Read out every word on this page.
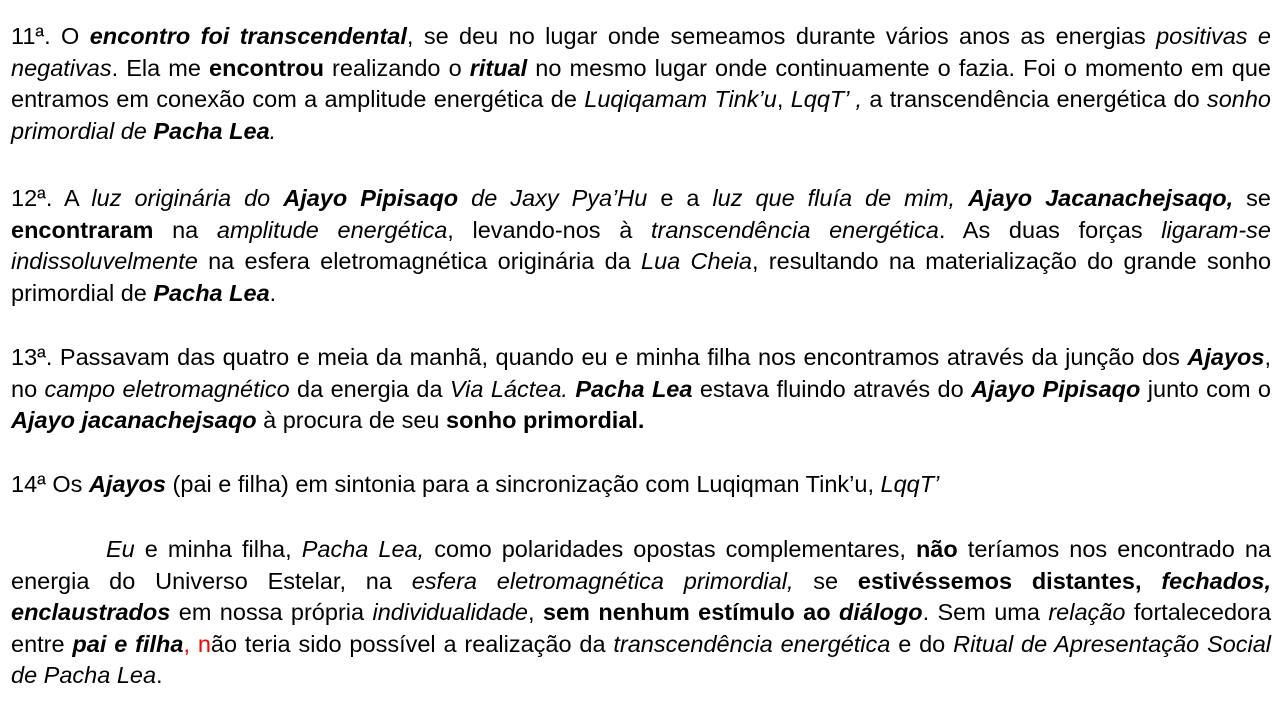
11ª. O encontro foi transcendental, se deu no lugar onde semeamos durante vários anos as energias positivas e negativas. Ela me encontrou realizando o ritual no mesmo lugar onde continuamente o fazia. Foi o momento em que entramos em conexão com a amplitude energética de Luqiqamam Tink’u, LqqT’ , a transcendência energética do sonho primordial de Pacha Lea.

12ª. A luz originária do Ajayo Pipisaqo de Jaxy Pya’Hu e a luz que fluía de mim, Ajayo Jacanachejsaqo, se encontraram na amplitude energética, levando-nos à transcendência energética. As duas forças ligaram-se indissoluvelmente na esfera eletromagnética originária da Lua Cheia, resultando na materialização do grande sonho primordial de Pacha Lea.

13ª. Passavam das quatro e meia da manhã, quando eu e minha filha nos encontramos através da junção dos Ajayos, no campo eletromagnético da energia da Via Láctea. Pacha Lea estava fluindo através do Ajayo Pipisaqo junto com o Ajayo jacanachejsaqo à procura de seu sonho primordial.

14ª Os Ajayos (pai e filha) em sintonia para a sincronização com Luqiqman Tink’u, LqqT’

Eu e minha filha, Pacha Lea, como polaridades opostas complementares, não teríamos nos encontrado na energia do Universo Estelar, na esfera eletromagnética primordial, se estivéssemos distantes, fechados, enclaustrados em nossa própria individualidade, sem nenhum estímulo ao diálogo. Sem uma relação fortalecedora entre pai e filha, não teria sido possível a realização da transcendência energética e do Ritual de Apresentação Social de Pacha Lea.
